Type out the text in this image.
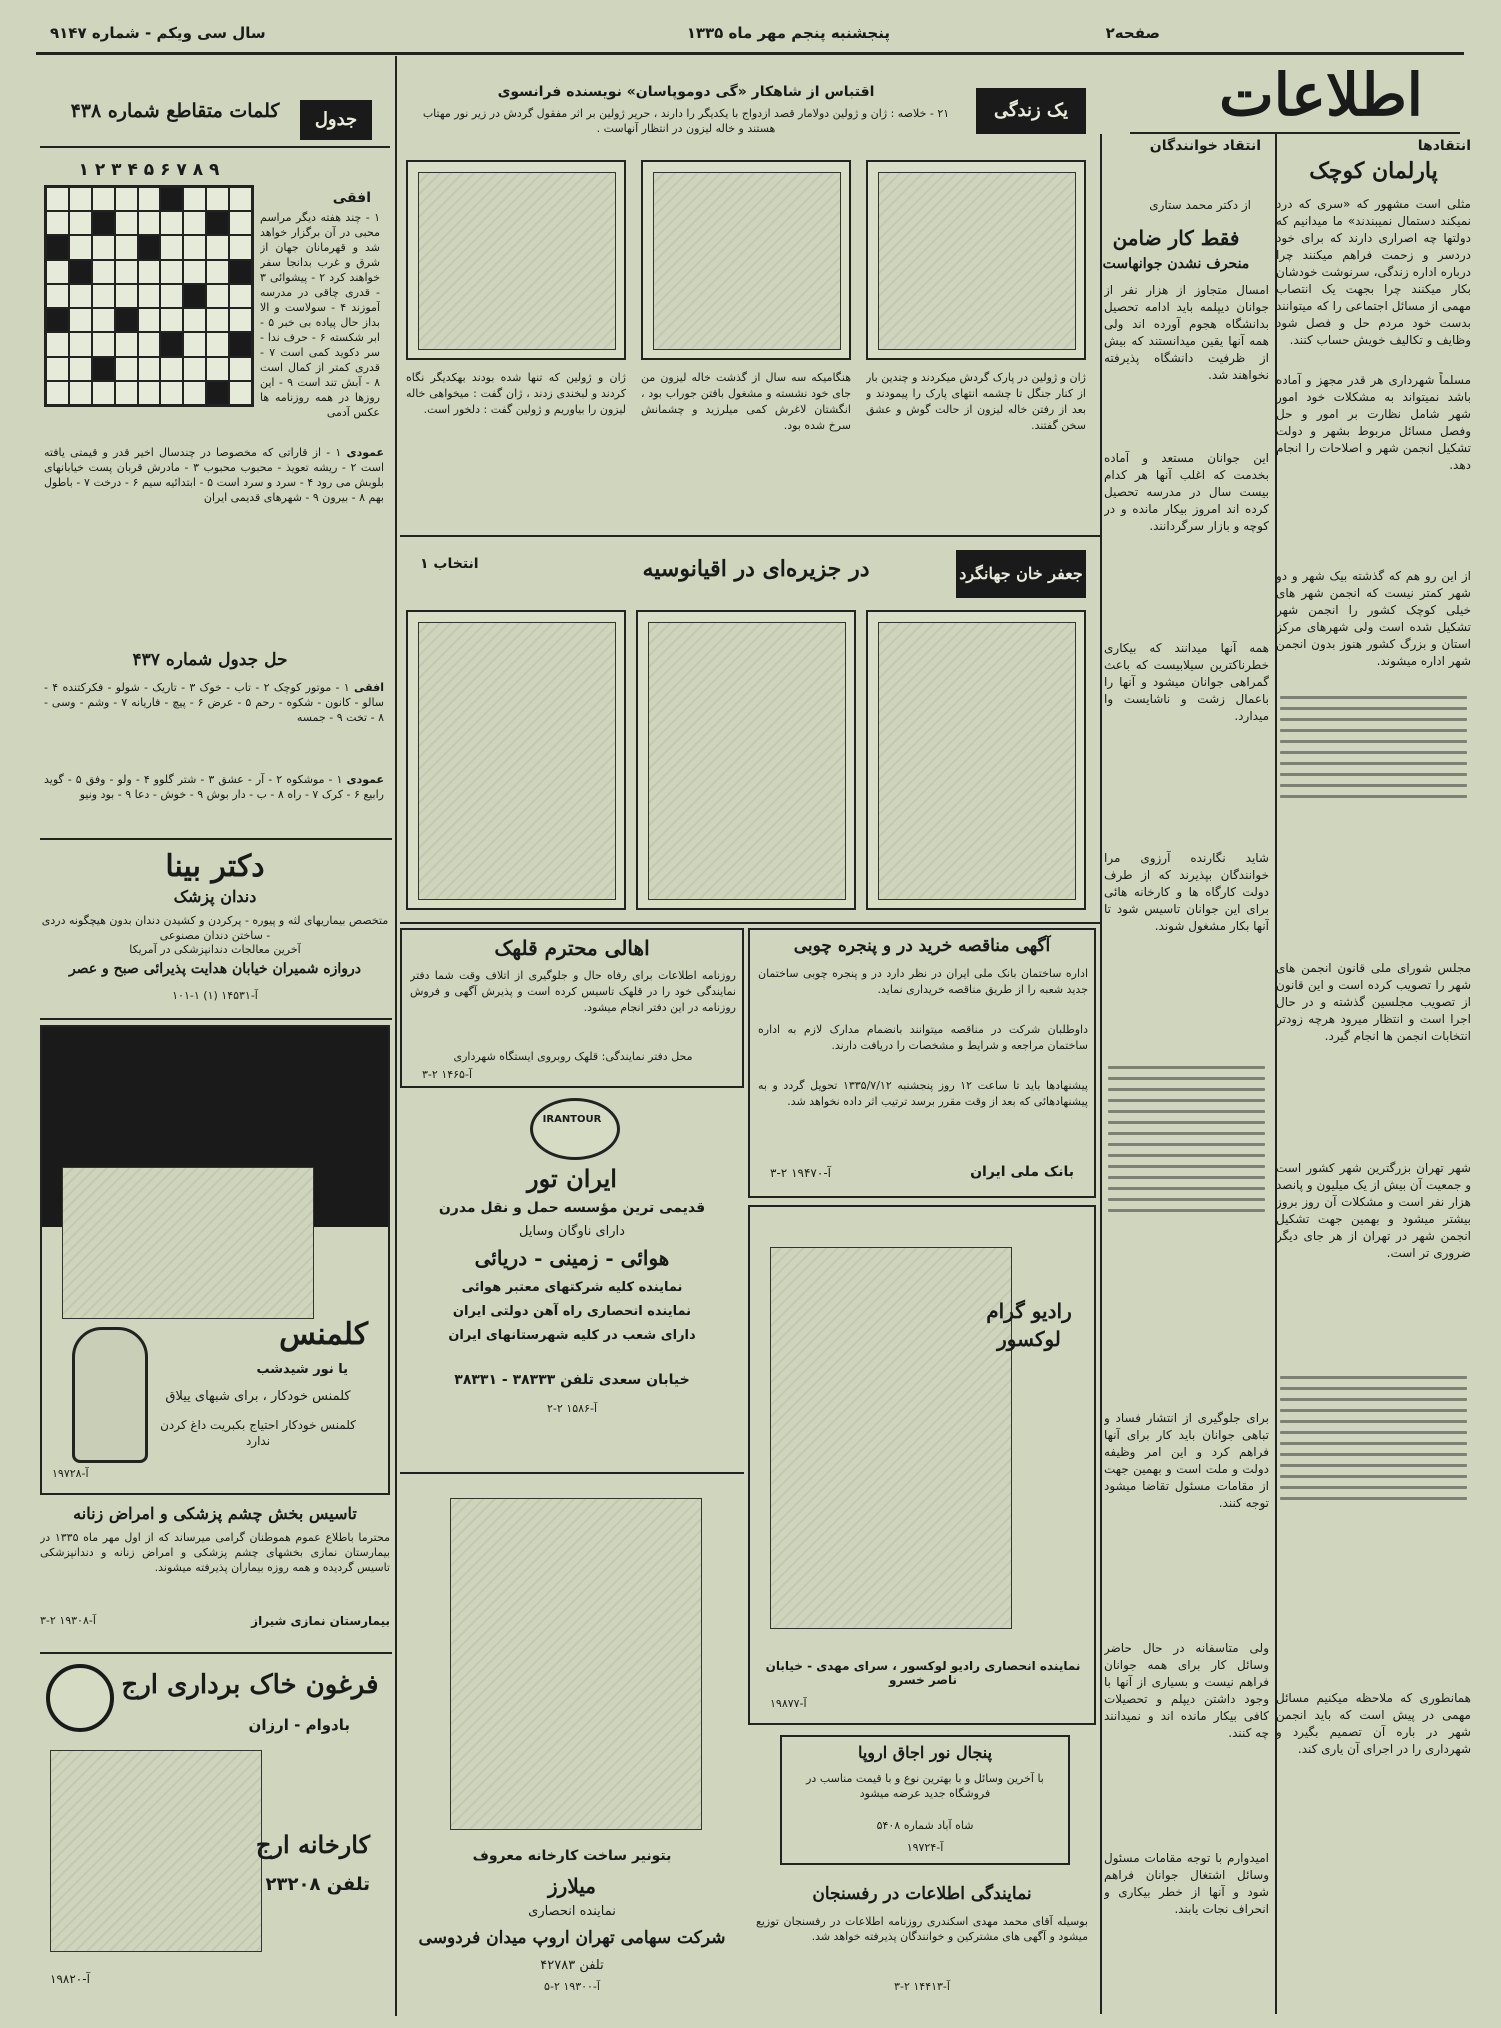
صفحه۲
پنجشنبه پنجم مهر ماه ۱۳۳۵
سال سی ویکم - شماره ۹۱۴۷
اطلاعات
انتقادها
پارلمان کوچک
مثلی است مشهور که «سری که درد نمیکند دستمال نمیبندند» ما میدانیم که دولتها چه اصراری دارند که برای خود دردسر و زحمت فراهم میکنند چرا درباره اداره زندگی، سرنوشت خودشان بکار میکنند چرا بجهت یک انتصاب مهمی از مسائل اجتماعی را که میتوانند بدست خود مردم حل و فصل شود وظایف و تکالیف خویش حساب کنند.
مسلماً شهرداری هر قدر مجهز و آماده باشد نمیتواند به مشکلات خود امور شهر شامل نظارت بر امور و حل وفصل مسائل مربوط بشهر و دولت تشکیل انجمن شهر و اصلاحات را انجام دهد.
از این رو هم که گذشته بیک شهر و دو شهر کمتر نیست که انجمن شهر های خیلی کوچک کشور را انجمن شهر تشکیل شده است ولی شهرهای مرکز استان و بزرگ کشور هنوز بدون انجمن شهر اداره میشوند.
مجلس شورای ملی قانون انجمن های شهر را تصویب کرده است و این قانون از تصویب مجلسین گذشته و در حال اجرا است و انتظار میرود هرچه زودتر انتخابات انجمن ها انجام گیرد.
شهر تهران بزرگترین شهر کشور است و جمعیت آن بیش از یک میلیون و پانصد هزار نفر است و مشکلات آن روز بروز بیشتر میشود و بهمین جهت تشکیل انجمن شهر در تهران از هر جای دیگر ضروری تر است.
همانطوری که ملاحظه میکنیم مسائل مهمی در پیش است که باید انجمن شهر در باره آن تصمیم بگیرد و شهرداری را در اجرای آن یاری کند.
انتقاد خوانندگان
از دکتر محمد ستاری
فقط کار ضامن
منحرف نشدن جوانهاست
امسال متجاوز از هزار نفر از جوانان دیپلمه باید ادامه تحصیل بدانشگاه هجوم آورده اند ولی همه آنها یقین میدانستند که بیش از ظرفیت دانشگاه پذیرفته نخواهند شد.
این جوانان مستعد و آماده بخدمت که اغلب آنها هر کدام بیست سال در مدرسه تحصیل کرده اند امروز بیکار مانده و در کوچه و بازار سرگردانند.
همه آنها میدانند که بیکاری خطرناکترین سیلابیست که باعث گمراهی جوانان میشود و آنها را باعمال زشت و ناشایست وا میدارد.
شاید نگارنده آرزوی مرا خوانندگان بپذیرند که از طرف دولت کارگاه ها و کارخانه هائی برای این جوانان تاسیس شود تا آنها بکار مشغول شوند.
برای جلوگیری از انتشار فساد و تباهی جوانان باید کار برای آنها فراهم کرد و این امر وظیفه دولت و ملت است و بهمین جهت از مقامات مسئول تقاضا میشود توجه کنند.
ولی متاسفانه در حال حاضر وسائل کار برای همه جوانان فراهم نیست و بسیاری از آنها با وجود داشتن دیپلم و تحصیلات کافی بیکار مانده اند و نمیدانند چه کنند.
امیدوارم با توجه مقامات مسئول وسائل اشتغال جوانان فراهم شود و آنها از خطر بیکاری و انحراف نجات یابند.
یک زندگی
اقتباس از شاهکار «گی دوموپاسان» نویسنده فرانسوی
۲۱ - خلاصه : ژان و ژولین دولامار قصد ازدواج با یکدیگر را دارند ، حریر ژولین بر اثر مفقول گردش در زیر نور مهتاب هستند و خاله لیزون در انتظار آنهاست .
ژان و ژولین در پارک گردش میکردند و چندین بار از کنار جنگل تا چشمه انتهای پارک را پیمودند و بعد از رفتن خاله لیزون از حالت گوش و عشق سخن گفتند.
هنگامیکه سه سال از گذشت خاله لیزون من جای خود نشسته و مشغول بافتن جوراب بود ، انگشتان لاغرش کمی میلرزید و چشمانش سرخ شده بود.
ژان و ژولین که تنها شده بودند بهکدیگر نگاه کردند و لبخندی زدند ، ژان گفت : میخواهی خاله لیزون را بیاوریم و ژولین گفت : دلخور است.
جعفر خان جهانگرد
در جزیره‌ای در اقیانوسیه
انتخاب ۱
جدول
کلمات متقاطع شماره ۴۳۸
۹ ۸ ۷ ۶ ۵ ۴ ۳ ۲ ۱
افقی
۱ - چند هفته دیگر مراسم محبی در آن برگزار خواهد شد و قهرمانان جهان از شرق و غرب بدانجا سفر خواهند کرد ۲ - پیشوائی ۳ - قدری چاقی در مدرسه آموزند ۴ - سولاست و الا بداز حال پیاده بی خبر ۵ - ابر شکسته ۶ - حرف ندا - سر دکوید کمی است ۷ - قدری کمتر از کمال است ۸ - آبش تند است ۹ - این روزها در همه روزنامه ها عکس آدمی
عمودی ۱ - از قاراتی که مخصوصا در چندسال اخیر قدر و قیمتی یافته است ۲ - ریشه تعویذ - محبوب محبوب ۳ - مادرش قربان پست خیابانهای بلوبش می رود ۴ - سرد و سرد است ۵ - ابتدائیه سیم ۶ - درخت ۷ - باطول بهم ۸ - بیرون ۹ - شهرهای قدیمی ایران
حل جدول شماره ۴۳۷
افقی ۱ - موتور کوچک ۲ - تاب - خوک ۳ - تاریک - شولو - فکرکتنده ۴ - سالو - کانون - شکوه - رحم ۵ - عرض ۶ - پیچ - فاریانه ۷ - وشم - وسی - ۸ - تخت ۹ - جمسه
عمودی ۱ - موشکوه ۲ - آر - عشق ۳ - شتر گلوو ۴ - ولو - وفق ۵ - گوید رابیع ۶ - کرک ۷ - راه ۸ - ب - دار بوش ۹ - خوش - دعا ۹ - بود ونیو
دکتر بینا
دندان پزشک
متخصص بیماریهای لثه و پیوره - پرکردن و کشیدن دندان بدون هیچگونه دردی - ساختن دندان مصنوعی
آخرین معالجات دندانپزشکی در آمریکا
دروازه شمیران خیابان هدایت پذیرائی صبح و عصر
آ-۱۴۵۳۱ (۱) ۱-۱۰۱
کلمنس
یا نور شیدشب
کلمنس خودکار ، برای شبهای ییلاق
کلمنس خودکار احتیاج بکبریت داغ کردن ندارد
آ-۱۹۷۲۸
تاسیس بخش چشم پزشکی و امراض زنانه
محترما باطلاع عموم هموطنان گرامی میرساند که از اول مهر ماه ۱۳۳۵ در بیمارستان نمازی بخشهای چشم پزشکی و امراض زنانه و دندانپزشکی تاسیس گردیده و همه روزه بیماران پذیرفته میشوند.
بیمارستان نمازی شیراز
آ-۱۹۳۰۸ ۲-۳
فرغون خاک برداری ارج
بادوام - ارزان
کارخانه ارج
تلفن ۲۳۲۰۸
آ-۱۹۸۲۰
آگهی مناقصه خرید در و پنجره چوبی
اداره ساختمان بانک ملی ایران در نظر دارد در و پنجره چوبی ساختمان جدید شعبه را از طریق مناقصه خریداری نماید.
داوطلبان شرکت در مناقصه میتوانند بانضمام مدارک لازم به اداره ساختمان مراجعه و شرایط و مشخصات را دریافت دارند.
پیشنهادها باید تا ساعت ۱۲ روز پنجشنبه ۱۳۳۵/۷/۱۲ تحویل گردد و به پیشنهادهائی که بعد از وقت مقرر برسد ترتیب اثر داده نخواهد شد.
بانک ملی ایران
آ-۱۹۴۷۰ ۲-۳
اهالی محترم قلهک
روزنامه اطلاعات برای رفاه حال و جلوگیری از اتلاف وقت شما دفتر نمایندگی خود را در قلهک تاسیس کرده است و پذیرش آگهی و فروش روزنامه در این دفتر انجام میشود.
محل دفتر نمایندگی: قلهک روبروی ایستگاه شهرداری
آ-۱۴۶۵ ۲-۳
IRANTOUR
ایران تور
قدیمی ترین مؤسسه حمل و نقل مدرن
دارای ناوگان وسایل
هوائی - زمینی - دریائی
نماینده کلیه شرکتهای معتبر هوائی
نماینده انحصاری راه آهن دولتی ایران
دارای شعب در کلیه شهرستانهای ایران
خیابان سعدی تلفن ۳۸۳۳۳ - ۳۸۳۳۱
آ-۱۵۸۶ ۲-۲
رادیو گرام لوکسور
نماینده انحصاری رادیو لوکسور ، سرای مهدی - خیابان ناصر خسرو
آ-۱۹۸۷۷
بتونیر ساخت کارخانه معروف
میلارز
نماینده انحصاری
شرکت سهامی تهران اروپ میدان فردوسی
تلفن ۴۲۷۸۳
آ-۱۹۳۰۰ ۲-۵
پنجال نور اجاق اروپا
با آخرین وسائل و با بهترین نوع و با قیمت مناسب در فروشگاه جدید عرضه میشود
شاه آباد شماره ۵۴۰۸
آ-۱۹۷۲۴
نمایندگی اطلاعات در رفسنجان
بوسیله آقای محمد مهدی اسکندری روزنامه اطلاعات در رفسنجان توزیع میشود و آگهی های مشترکین و خوانندگان پذیرفته خواهد شد.
آ-۱۴۴۱۳ ۲-۳
